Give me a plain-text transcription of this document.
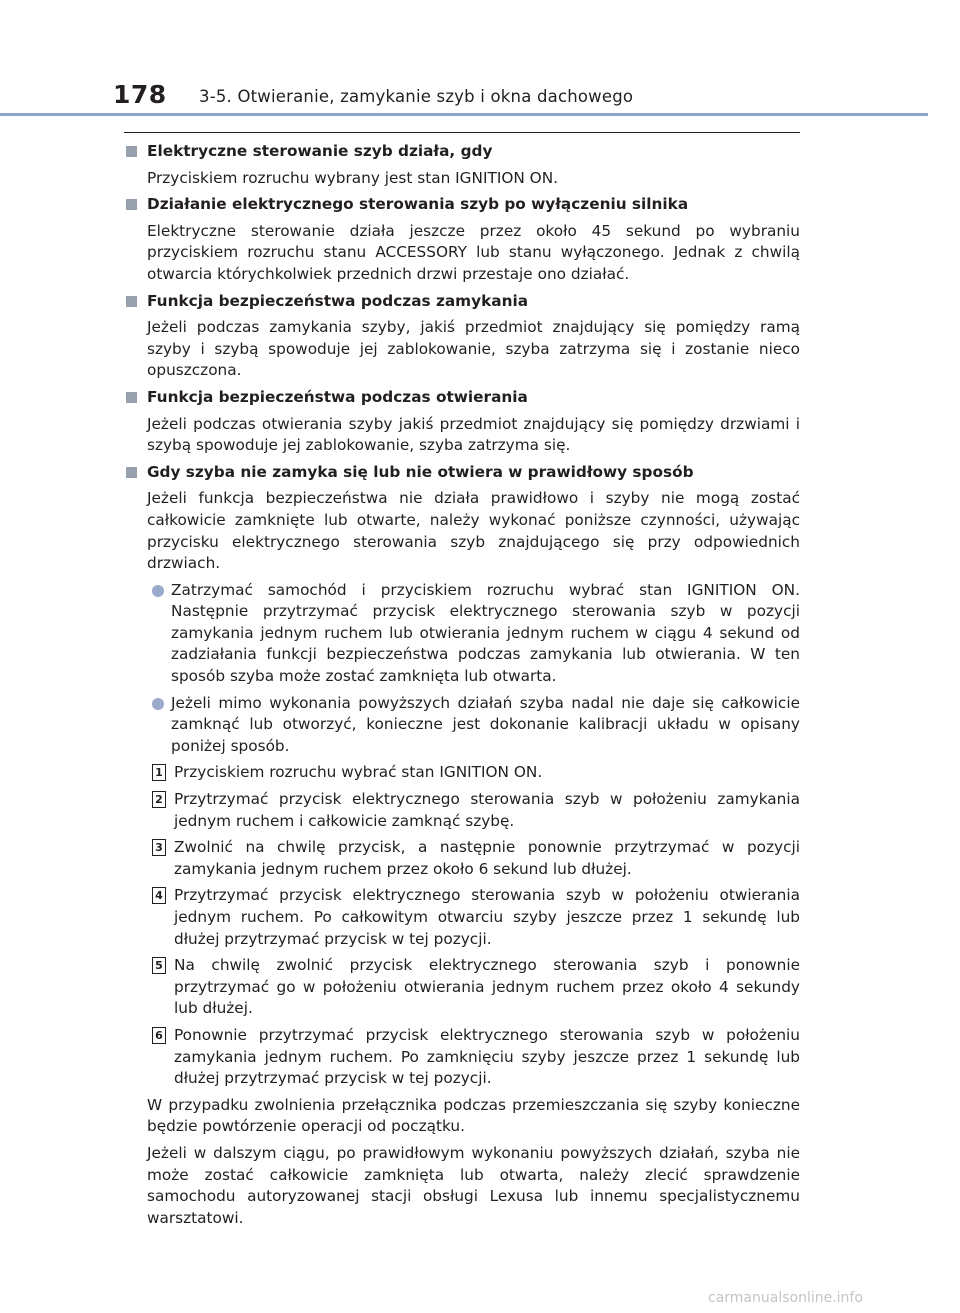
178 3-5. Otwieranie, zamykanie szyb i okna dachowego
Elektryczne sterowanie szyb działa, gdy

Przyciskiem rozruchu wybrany jest stan IGNITION ON.

Działanie elektrycznego sterowania szyb po wyłączeniu silnika

Elektryczne sterowanie działa jeszcze przez około 45 sekund po wybraniu przyciskiem rozruchu stanu ACCESSORY lub stanu wyłączonego. Jednak z chwilą otwarcia którychkolwiek przednich drzwi przestaje ono działać.

Funkcja bezpieczeństwa podczas zamykania

Jeżeli podczas zamykania szyby, jakiś przedmiot znajdujący się pomiędzy ramą szyby i szybą spowoduje jej zablokowanie, szyba zatrzyma się i zostanie nieco opuszczona.

Funkcja bezpieczeństwa podczas otwierania

Jeżeli podczas otwierania szyby jakiś przedmiot znajdujący się pomiędzy drzwiami i szybą spowoduje jej zablokowanie, szyba zatrzyma się.

Gdy szyba nie zamyka się lub nie otwiera w prawidłowy sposób

Jeżeli funkcja bezpieczeństwa nie działa prawidłowo i szyby nie mogą zostać całkowicie zamknięte lub otwarte, należy wykonać poniższe czynności, używając przycisku elektrycznego sterowania szyb znajdującego się przy odpowiednich drzwiach.

Zatrzymać samochód i przyciskiem rozruchu wybrać stan IGNITION ON. Następnie przytrzymać przycisk elektrycznego sterowania szyb w pozycji zamykania jednym ruchem lub otwierania jednym ruchem w ciągu 4 sekund od zadziałania funkcji bezpieczeństwa podczas zamykania lub otwierania. W ten sposób szyba może zostać zamknięta lub otwarta.
Jeżeli mimo wykonania powyższych działań szyba nadal nie daje się całkowicie zamknąć lub otworzyć, konieczne jest dokonanie kalibracji układu w opisany poniżej sposób.
1 Przyciskiem rozruchu wybrać stan IGNITION ON.
2 Przytrzymać przycisk elektrycznego sterowania szyb w położeniu zamykania jednym ruchem i całkowicie zamknąć szybę.
3 Zwolnić na chwilę przycisk, a następnie ponownie przytrzymać w pozycji zamykania jednym ruchem przez około 6 sekund lub dłużej.
4 Przytrzymać przycisk elektrycznego sterowania szyb w położeniu otwierania jednym ruchem. Po całkowitym otwarciu szyby jeszcze przez 1 sekundę lub dłużej przytrzymać przycisk w tej pozycji.
5 Na chwilę zwolnić przycisk elektrycznego sterowania szyb i ponownie przytrzymać go w położeniu otwierania jednym ruchem przez około 4 sekundy lub dłużej.
6 Ponownie przytrzymać przycisk elektrycznego sterowania szyb w położeniu zamykania jednym ruchem. Po zamknięciu szyby jeszcze przez 1 sekundę lub dłużej przytrzymać przycisk w tej pozycji.

W przypadku zwolnienia przełącznika podczas przemieszczania się szyby konieczne będzie powtórzenie operacji od początku.

Jeżeli w dalszym ciągu, po prawidłowym wykonaniu powyższych działań, szyba nie może zostać całkowicie zamknięta lub otwarta, należy zlecić sprawdzenie samochodu autoryzowanej stacji obsługi Lexusa lub innemu specjalistycznemu warsztatowi.

carmanualsonline.info
